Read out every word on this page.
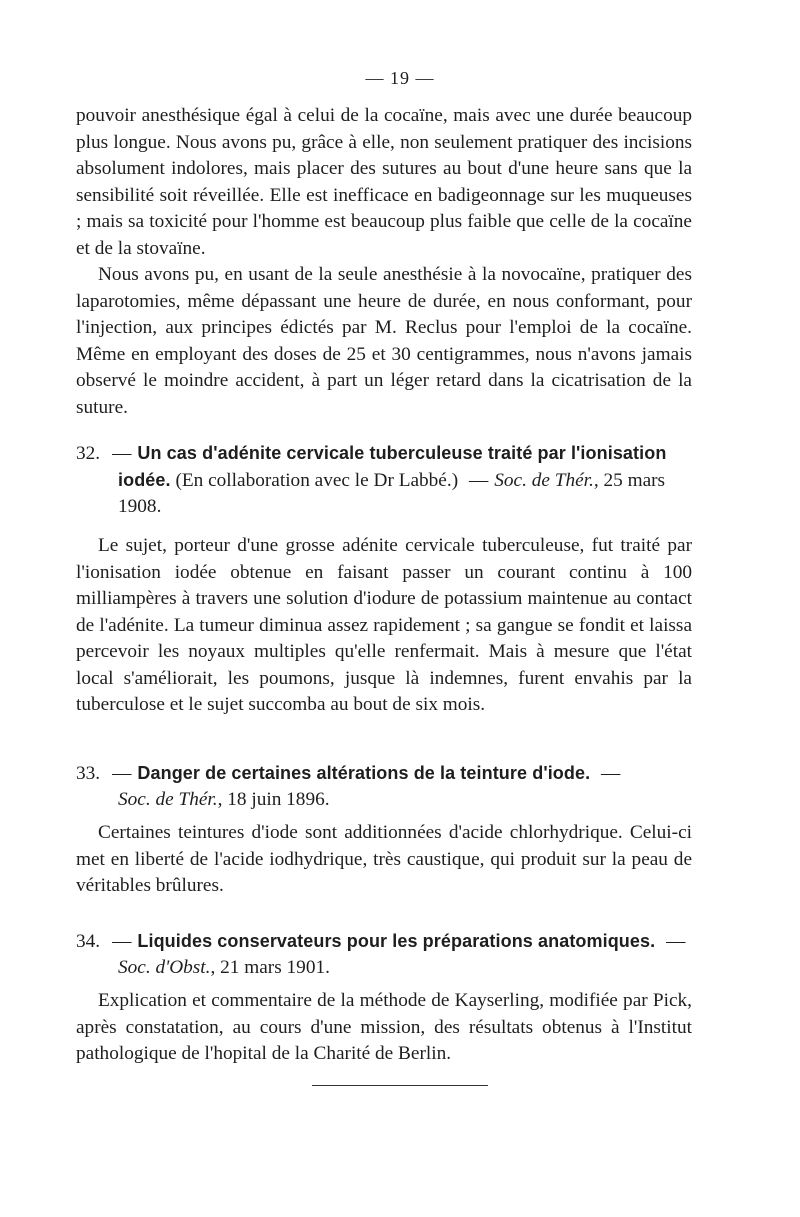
— 19 —

pouvoir anesthésique égal à celui de la cocaïne, mais avec une durée beaucoup plus longue. Nous avons pu, grâce à elle, non seulement pratiquer des incisions absolument indolores, mais placer des sutures au bout d'une heure sans que la sensibilité soit réveillée. Elle est inefficace en badigeonnage sur les muqueuses ; mais sa toxicité pour l'homme est beaucoup plus faible que celle de la cocaïne et de la stovaïne.

Nous avons pu, en usant de la seule anesthésie à la novocaïne, pratiquer des laparotomies, même dépassant une heure de durée, en nous conformant, pour l'injection, aux principes édictés par M. Reclus pour l'emploi de la cocaïne. Même en employant des doses de 25 et 30 centigrammes, nous n'avons jamais observé le moindre accident, à part un léger retard dans la cicatrisation de la suture.

32. — Un cas d'adénite cervicale tuberculeuse traité par l'ionisation
iodée. (En collaboration avec le Dr Labbé.) — Soc. de Thér., 25 mars 1908.

Le sujet, porteur d'une grosse adénite cervicale tuberculeuse, fut traité par l'ionisation iodée obtenue en faisant passer un courant continu à 100 milliampères à travers une solution d'iodure de potassium maintenue au contact de l'adénite. La tumeur diminua assez rapidement ; sa gangue se fondit et laissa percevoir les noyaux multiples qu'elle renfermait. Mais à mesure que l'état local s'améliorait, les poumons, jusque là indemnes, furent envahis par la tuberculose et le sujet succomba au bout de six mois.

33. — Danger de certaines altérations de la teinture d'iode. —
Soc. de Thér., 18 juin 1896.

Certaines teintures d'iode sont additionnées d'acide chlorhydrique. Celui-ci met en liberté de l'acide iodhydrique, très caustique, qui produit sur la peau de véritables brûlures.

34. — Liquides conservateurs pour les préparations anatomiques. —
Soc. d'Obst., 21 mars 1901.

Explication et commentaire de la méthode de Kayserling, modifiée par Pick, après constatation, au cours d'une mission, des résultats obtenus à l'Institut pathologique de l'hopital de la Charité de Berlin.
